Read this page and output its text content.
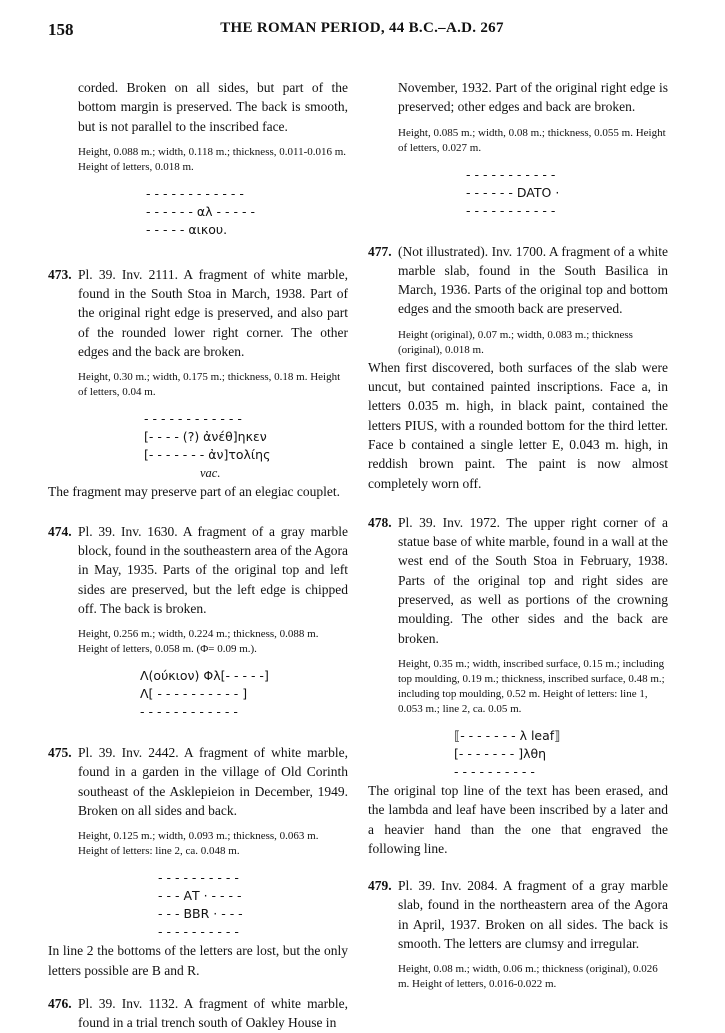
158	THE ROMAN PERIOD, 44 B.C.–A.D. 267

corded. Broken on all sides, but part of the bottom margin is preserved. The back is smooth, but is not parallel to the inscribed face.

Height, 0.088 m.; width, 0.118 m.; thickness, 0.011-0.016 m. Height of letters, 0.018 m.
- - - - - - - - - - - -
- - - - - - αλ - - - - -
- - - - - αικου.
473. Pl. 39. Inv. 2111. A fragment of white marble, found in the South Stoa in March, 1938. Part of the original right edge is preserved, and also part of the rounded lower right corner. The other edges and the back are broken.

Height, 0.30 m.; width, 0.175 m.; thickness, 0.18 m. Height of letters, 0.04 m.
- - - - - - - - - - - -
[- - - - (?) ἀνέθ]ηκεν
[- - - - - - - ἀν]τολίης
vac.

The fragment may preserve part of an elegiac couplet.

474. Pl. 39. Inv. 1630. A fragment of a gray marble block, found in the southeastern area of the Agora in May, 1935. Parts of the original top and left sides are preserved, but the left edge is chipped off. The back is broken.

Height, 0.256 m.; width, 0.224 m.; thickness, 0.088 m. Height of letters, 0.058 m. (Φ= 0.09 m.).
Λ(ούκιον) Φλ[- - - - -]
Λ[ - - - - - - - - - - ]
- - - - - - - - - - - -
475. Pl. 39. Inv. 2442. A fragment of white marble, found in a garden in the village of Old Corinth southeast of the Asklepieion in December, 1949. Broken on all sides and back.

Height, 0.125 m.; width, 0.093 m.; thickness, 0.063 m. Height of letters: line 2, ca. 0.048 m.
- - - - - - - - - -
- - - ΑΤ · - - - -
- - - ΒΒR · - - -
- - - - - - - - - -

In line 2 the bottoms of the letters are lost, but the only letters possible are B and R.

476. Pl. 39. Inv. 1132. A fragment of white marble, found in a trial trench south of Oakley House in

November, 1932. Part of the original right edge is preserved; other edges and back are broken.

Height, 0.085 m.; width, 0.08 m.; thickness, 0.055 m. Height of letters, 0.027 m.
- - - - - - - - - - -
- - - - - - DATO ·
- - - - - - - - - - -
477. (Not illustrated). Inv. 1700. A fragment of a white marble slab, found in the South Basilica in March, 1936. Parts of the original top and bottom edges and the smooth back are preserved.

Height (original), 0.07 m.; width, 0.083 m.; thickness (original), 0.018 m.

When first discovered, both surfaces of the slab were uncut, but contained painted inscriptions. Face a, in letters 0.035 m. high, in black paint, contained the letters PIUS, with a rounded bottom for the third letter. Face b contained a single letter E, 0.043 m. high, in reddish brown paint. The paint is now almost completely worn off.

478. Pl. 39. Inv. 1972. The upper right corner of a statue base of white marble, found in a wall at the west end of the South Stoa in February, 1938. Parts of the original top and right sides are preserved, as well as portions of the crowning moulding. The other sides and the back are broken.

Height, 0.35 m.; width, inscribed surface, 0.15 m.; including top moulding, 0.19 m.; thickness, inscribed surface, 0.48 m.; including top moulding, 0.52 m. Height of letters: line 1, 0.053 m.; line 2, ca. 0.05 m.
⟦- - - - - - - λ leaf⟧
[- - - - - - - ]λθη
- - - - - - - - - -

The original top line of the text has been erased, and the lambda and leaf have been inscribed by a later and a heavier hand than the one that engraved the following line.

479. Pl. 39. Inv. 2084. A fragment of a gray marble slab, found in the northeastern area of the Agora in April, 1937. Broken on all sides. The back is smooth. The letters are clumsy and irregular.

Height, 0.08 m.; width, 0.06 m.; thickness (original), 0.026 m. Height of letters, 0.016-0.022 m.
